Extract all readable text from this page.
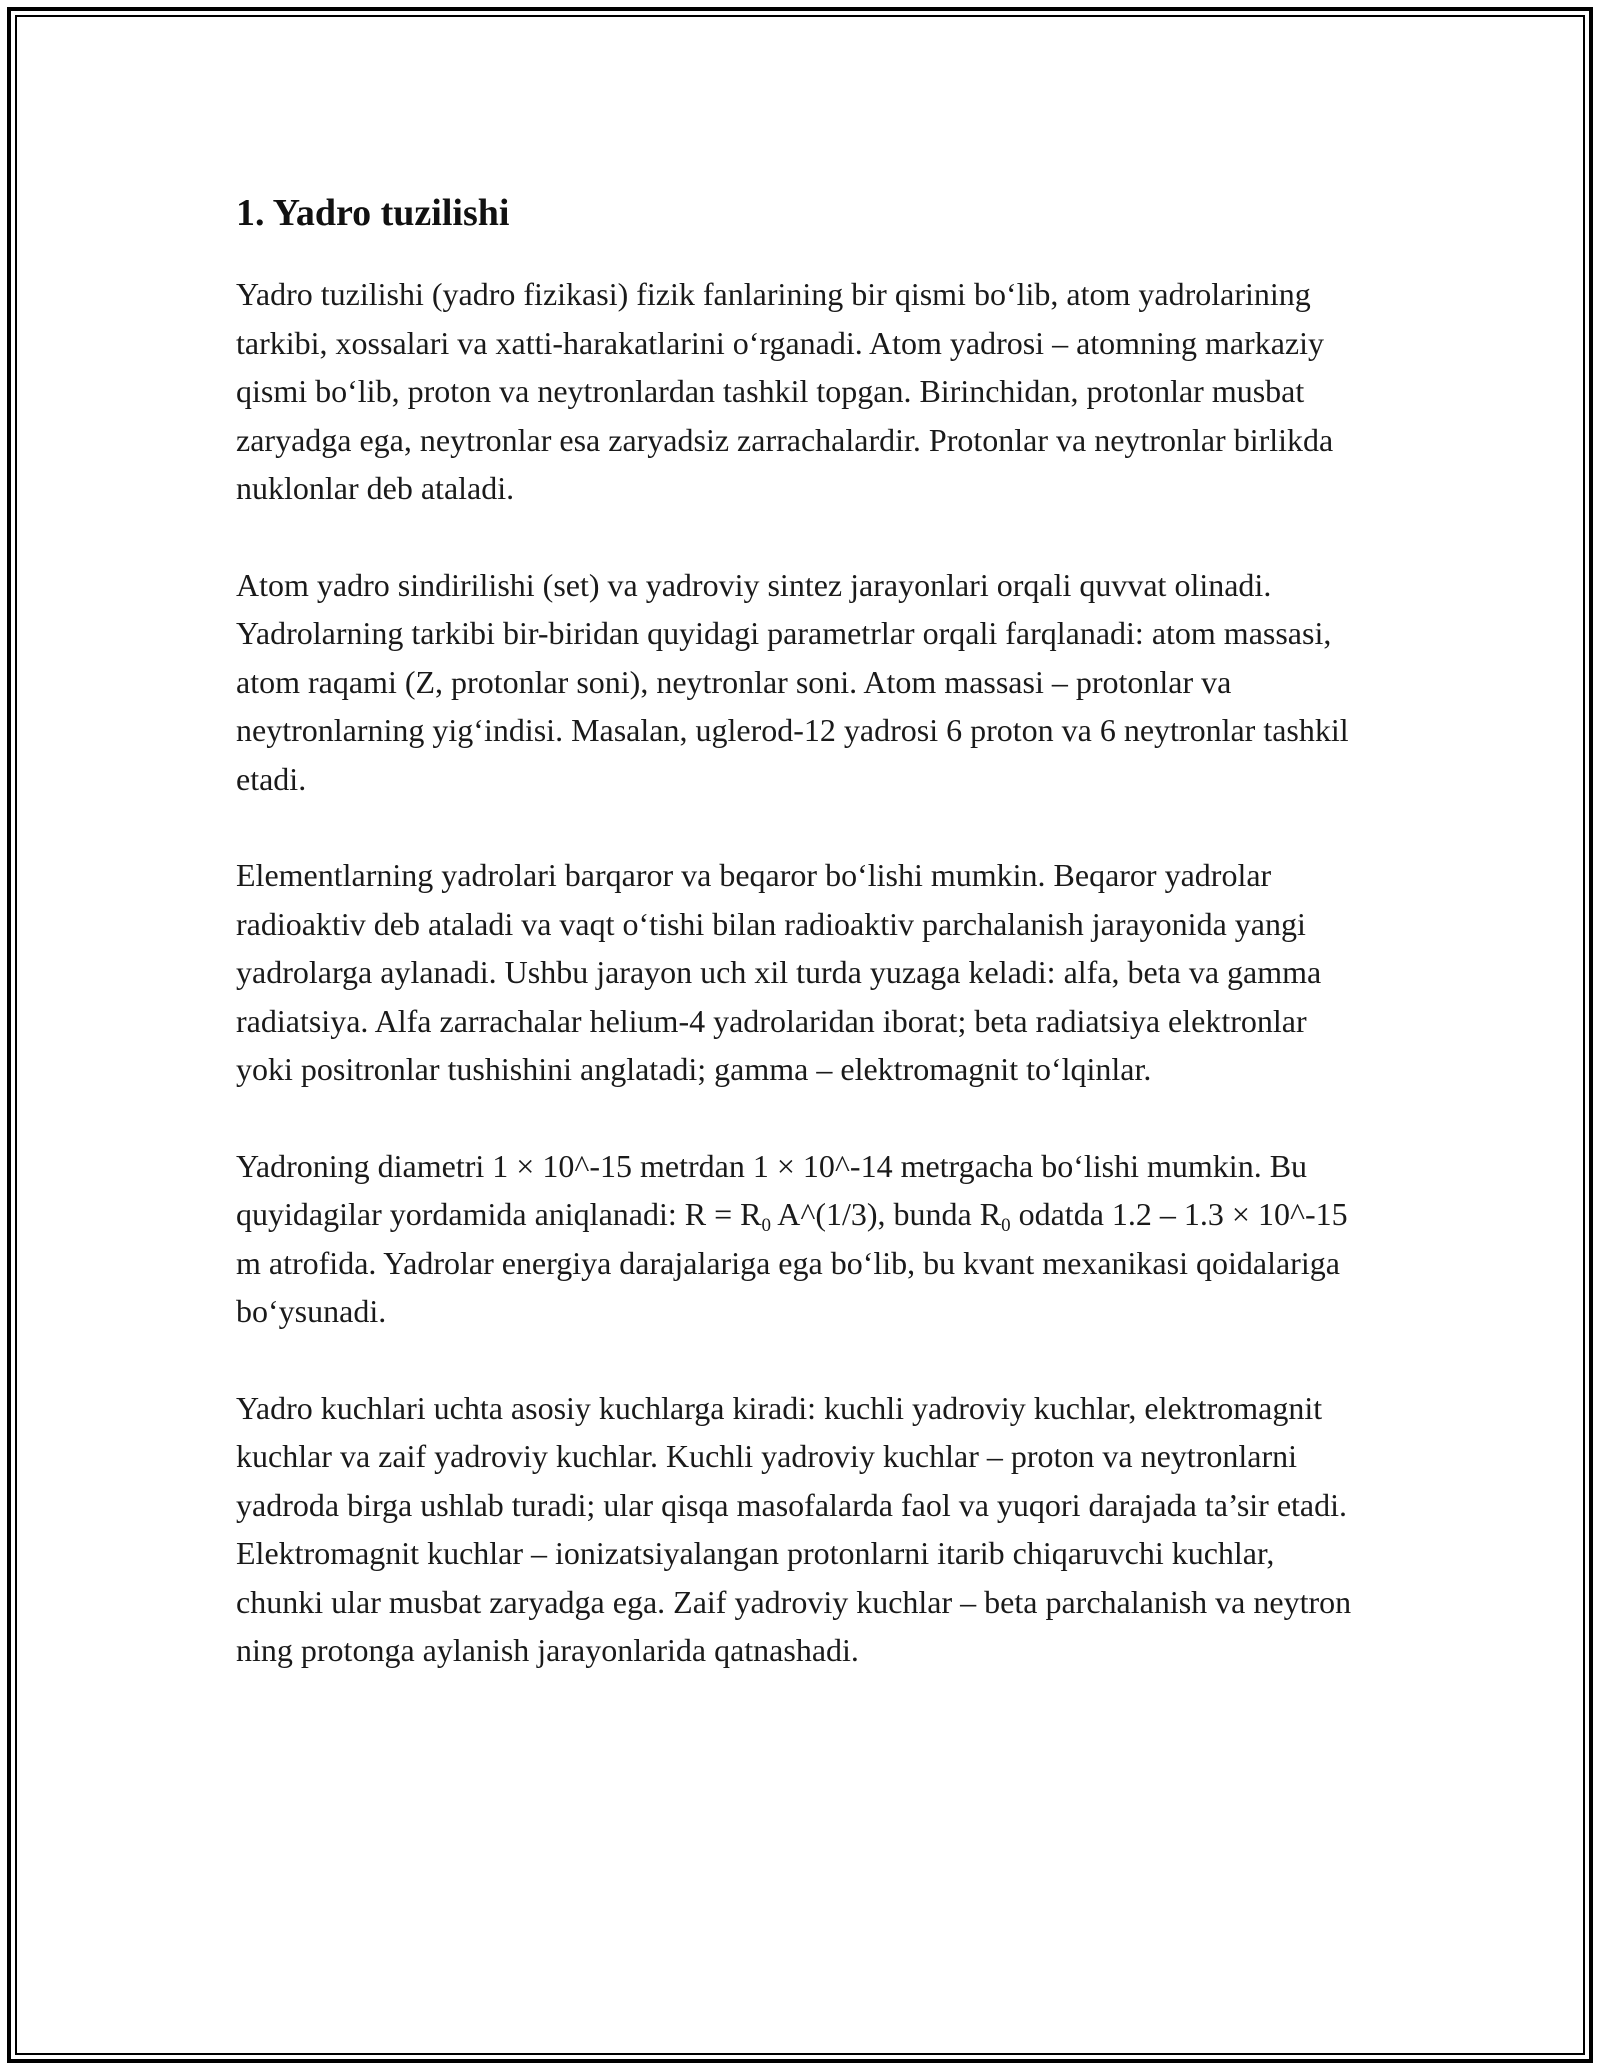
1. Yadro tuzilishi

Yadro tuzilishi (yadro fizikasi) fizik fanlarining bir qismi bo‘lib, atom yadrolarining tarkibi, xossalari va xatti-harakatlarini o‘rganadi. Atom yadrosi – atomning markaziy qismi bo‘lib, proton va neytronlardan tashkil topgan. Birinchidan, protonlar musbat zaryadga ega, neytronlar esa zaryadsiz zarrachalardir. Protonlar va neytronlar birlikda nuklonlar deb ataladi.

Atom yadro sindirilishi (set) va yadroviy sintez jarayonlari orqali quvvat olinadi. Yadrolarning tarkibi bir-biridan quyidagi parametrlar orqali farqlanadi: atom massasi, atom raqami (Z, protonlar soni), neytronlar soni. Atom massasi – protonlar va neytronlarning yig‘indisi. Masalan, uglerod-12 yadrosi 6 proton va 6 neytronlar tashkil etadi.

Elementlarning yadrolari barqaror va beqaror bo‘lishi mumkin. Beqaror yadrolar radioaktiv deb ataladi va vaqt o‘tishi bilan radioaktiv parchalanish jarayonida yangi yadrolarga aylanadi. Ushbu jarayon uch xil turda yuzaga keladi: alfa, beta va gamma radiatsiya. Alfa zarrachalar helium-4 yadrolaridan iborat; beta radiatsiya elektronlar yoki positronlar tushishini anglatadi; gamma – elektromagnit to‘lqinlar.

Yadroning diametri 1 × 10^-15 metrdan 1 × 10^-14 metrgacha bo‘lishi mumkin. Bu quyidagilar yordamida aniqlanadi: $R = R_0$ A^(1/3), bunda $R_0$ odatda 1.2 – 1.3 × 10^-15 m atrofida. Yadrolar energiya darajalariga ega bo‘lib, bu kvant mexanikasi qoidalariga bo‘ysunadi.

Yadro kuchlari uchta asosiy kuchlarga kiradi: kuchli yadroviy kuchlar, elektromagnit kuchlar va zaif yadroviy kuchlar. Kuchli yadroviy kuchlar – proton va neytronlarni yadroda birga ushlab turadi; ular qisqa masofalarda faol va yuqori darajada ta’sir etadi. Elektromagnit kuchlar – ionizatsiyalangan protonlarni itarib chiqaruvchi kuchlar, chunki ular musbat zaryadga ega. Zaif yadroviy kuchlar – beta parchalanish va neytron ning protonga aylanish jarayonlarida qatnashadi.
